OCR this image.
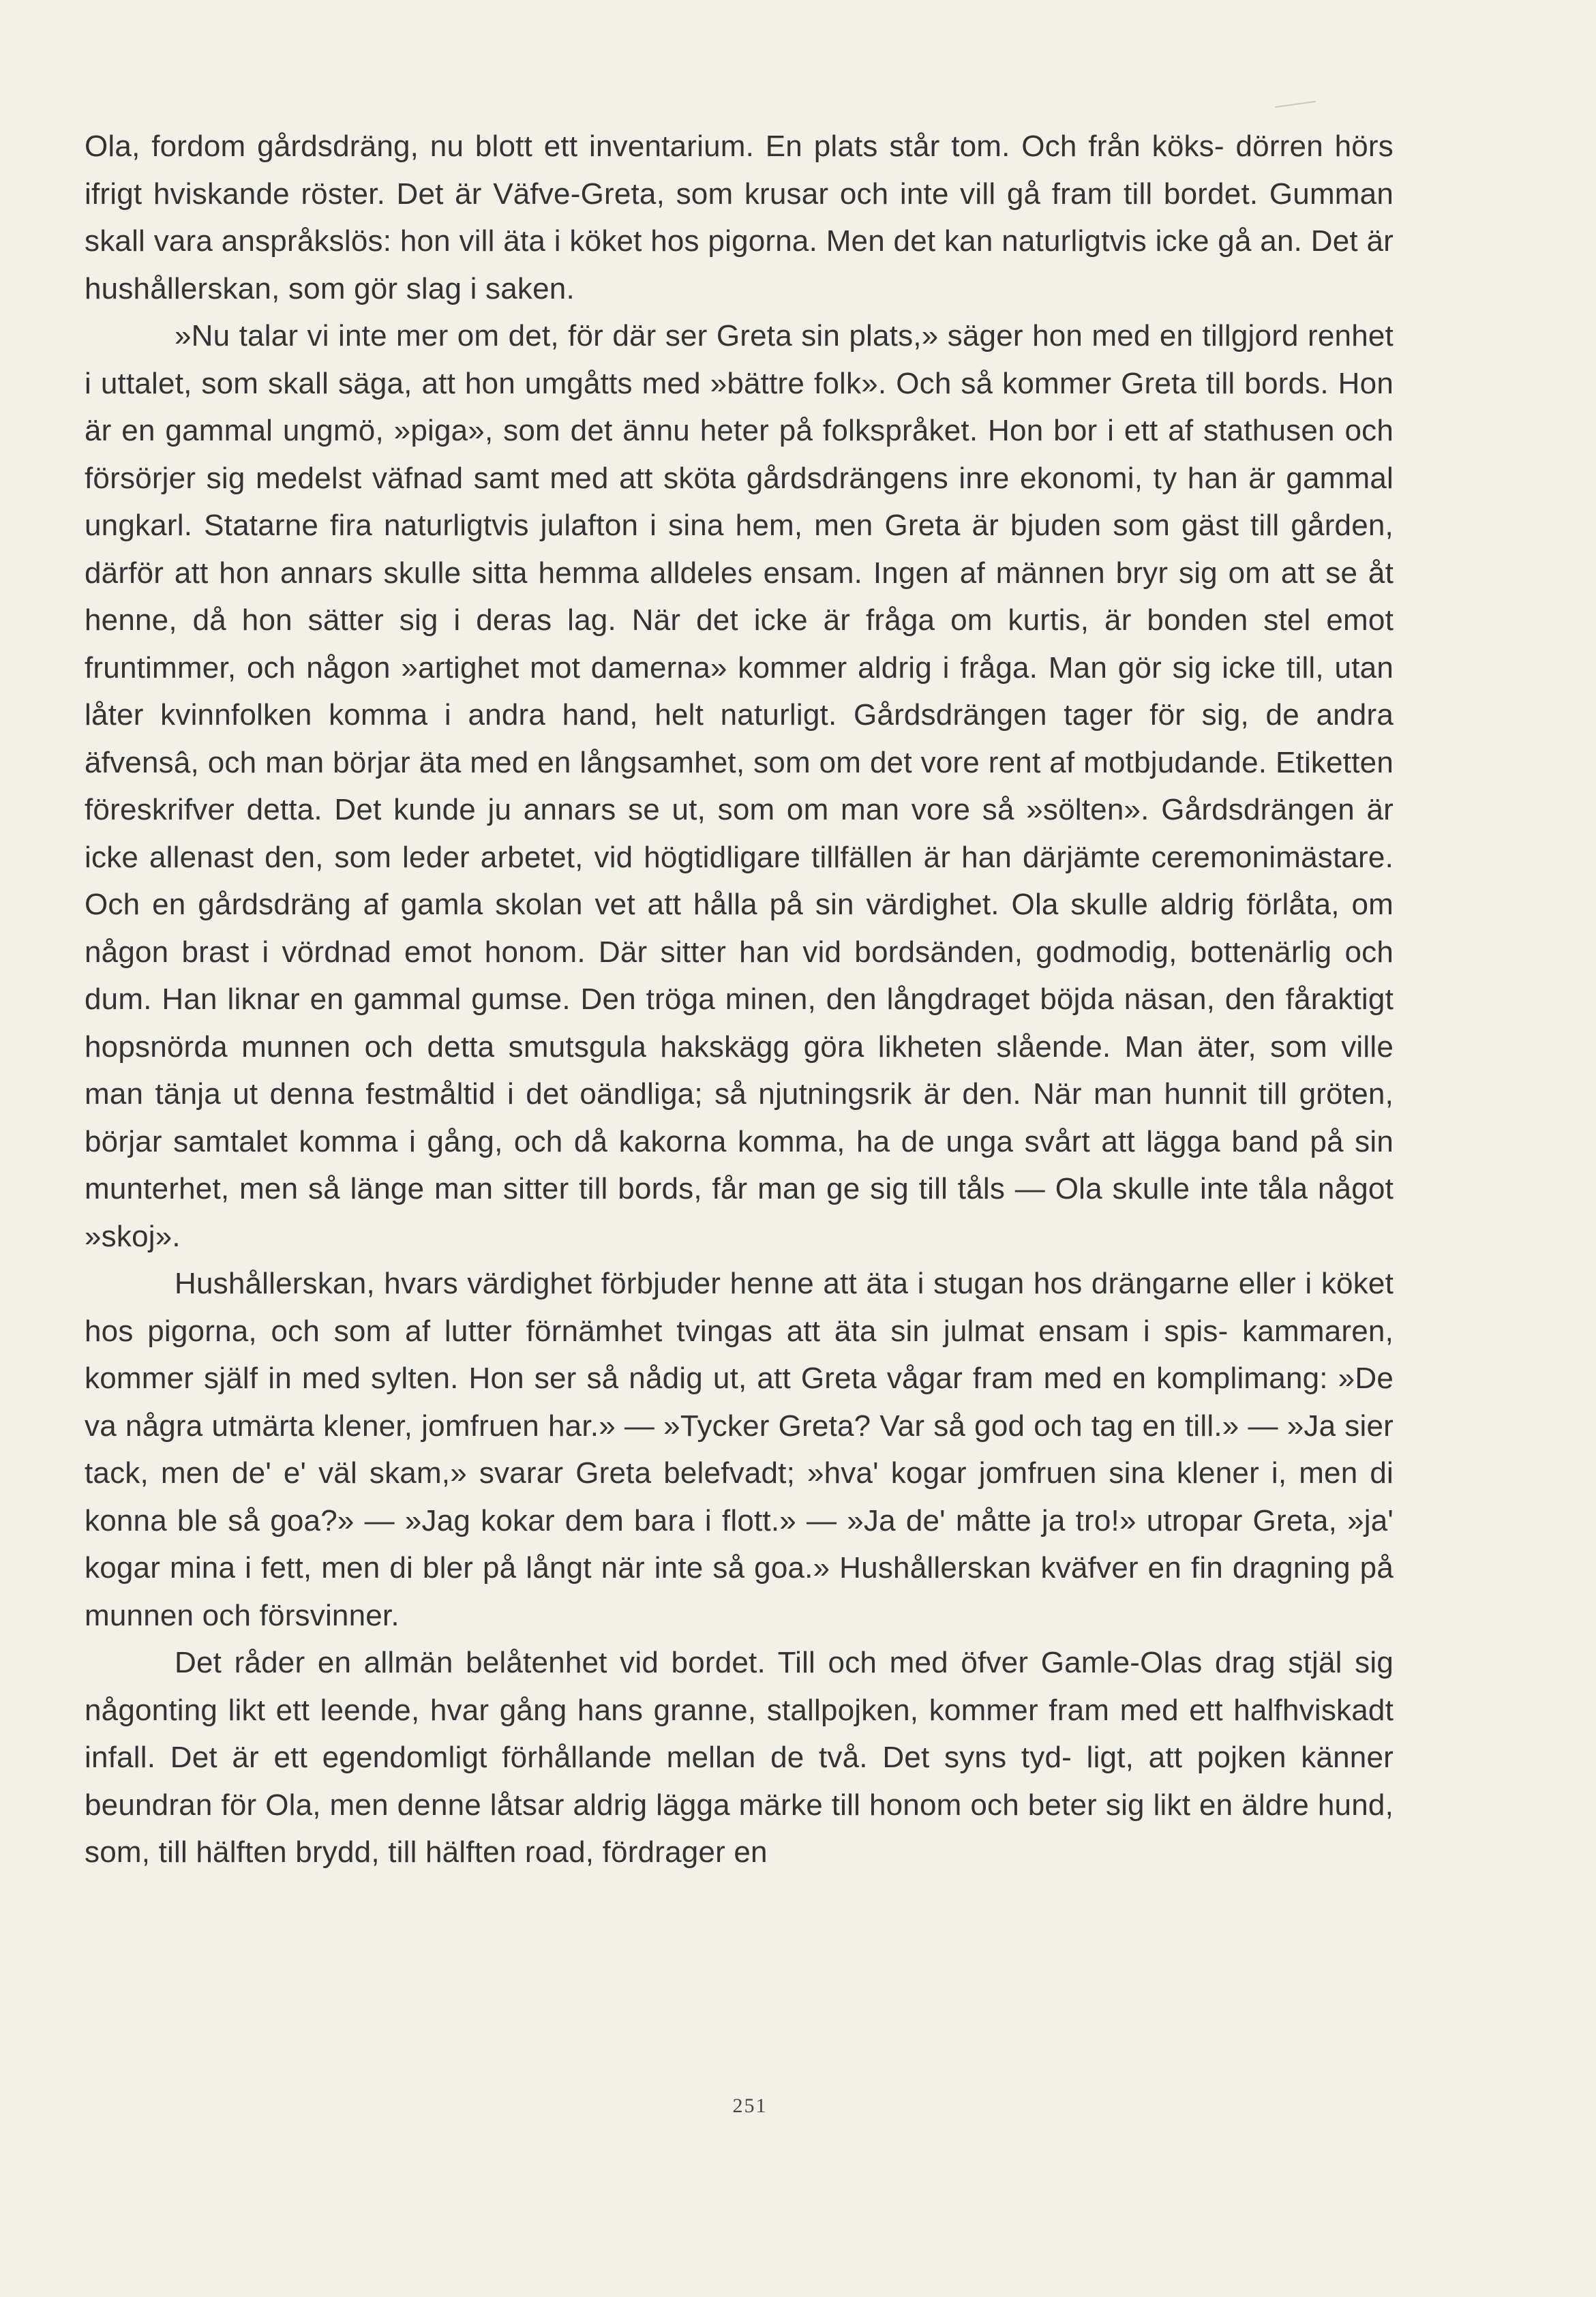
Ola, fordom gårdsdräng, nu blott ett inventarium. En plats står tom. Och från köks- dörren hörs ifrigt hviskande röster. Det är Väfve-Greta, som krusar och inte vill gå fram till bordet. Gumman skall vara anspråkslös: hon vill äta i köket hos pigorna. Men det kan naturligtvis icke gå an. Det är hushållerskan, som gör slag i saken.

»Nu talar vi inte mer om det, för där ser Greta sin plats,» säger hon med en tillgjord renhet i uttalet, som skall säga, att hon umgåtts med »bättre folk». Och så kommer Greta till bords. Hon är en gammal ungmö, »piga», som det ännu heter på folkspråket. Hon bor i ett af stathusen och försörjer sig medelst väfnad samt med att sköta gårdsdrängens inre ekonomi, ty han är gammal ungkarl. Statarne fira naturligtvis julafton i sina hem, men Greta är bjuden som gäst till gården, därför att hon annars skulle sitta hemma alldeles ensam. Ingen af männen bryr sig om att se åt henne, då hon sätter sig i deras lag. När det icke är fråga om kurtis, är bonden stel emot fruntimmer, och någon »artighet mot damerna» kommer aldrig i fråga. Man gör sig icke till, utan låter kvinnfolken komma i andra hand, helt naturligt. Gårdsdrängen tager för sig, de andra äfvensâ, och man börjar äta med en långsamhet, som om det vore rent af motbjudande. Etiketten föreskrifver detta. Det kunde ju annars se ut, som om man vore så »sölten». Gårdsdrängen är icke allenast den, som leder arbetet, vid högtidligare tillfällen är han därjämte ceremonimästare. Och en gårdsdräng af gamla skolan vet att hålla på sin värdighet. Ola skulle aldrig förlåta, om någon brast i vördnad emot honom. Där sitter han vid bordsänden, godmodig, bottenärlig och dum. Han liknar en gammal gumse. Den tröga minen, den långdraget böjda näsan, den fåraktigt hopsnörda munnen och detta smutsgula hakskägg göra likheten slående. Man äter, som ville man tänja ut denna festmåltid i det oändliga; så njutningsrik är den. När man hunnit till gröten, börjar samtalet komma i gång, och då kakorna komma, ha de unga svårt att lägga band på sin munterhet, men så länge man sitter till bords, får man ge sig till tåls — Ola skulle inte tåla något »skoj».

Hushållerskan, hvars värdighet förbjuder henne att äta i stugan hos drängarne eller i köket hos pigorna, och som af lutter förnämhet tvingas att äta sin julmat ensam i spis- kammaren, kommer själf in med sylten. Hon ser så nådig ut, att Greta vågar fram med en komplimang: »De va några utmärta klener, jomfruen har.» — »Tycker Greta? Var så god och tag en till.» — »Ja sier tack, men de' e' väl skam,» svarar Greta belefvadt; »hva' kogar jomfruen sina klener i, men di konna ble så goa?» — »Jag kokar dem bara i flott.» — »Ja de' måtte ja tro!» utropar Greta, »ja' kogar mina i fett, men di bler på långt när inte så goa.» Hushållerskan kväfver en fin dragning på munnen och försvinner.

Det råder en allmän belåtenhet vid bordet. Till och med öfver Gamle-Olas drag stjäl sig någonting likt ett leende, hvar gång hans granne, stallpojken, kommer fram med ett halfhviskadt infall. Det är ett egendomligt förhållande mellan de två. Det syns tyd- ligt, att pojken känner beundran för Ola, men denne låtsar aldrig lägga märke till honom och beter sig likt en äldre hund, som, till hälften brydd, till hälften road, fördrager en

251
